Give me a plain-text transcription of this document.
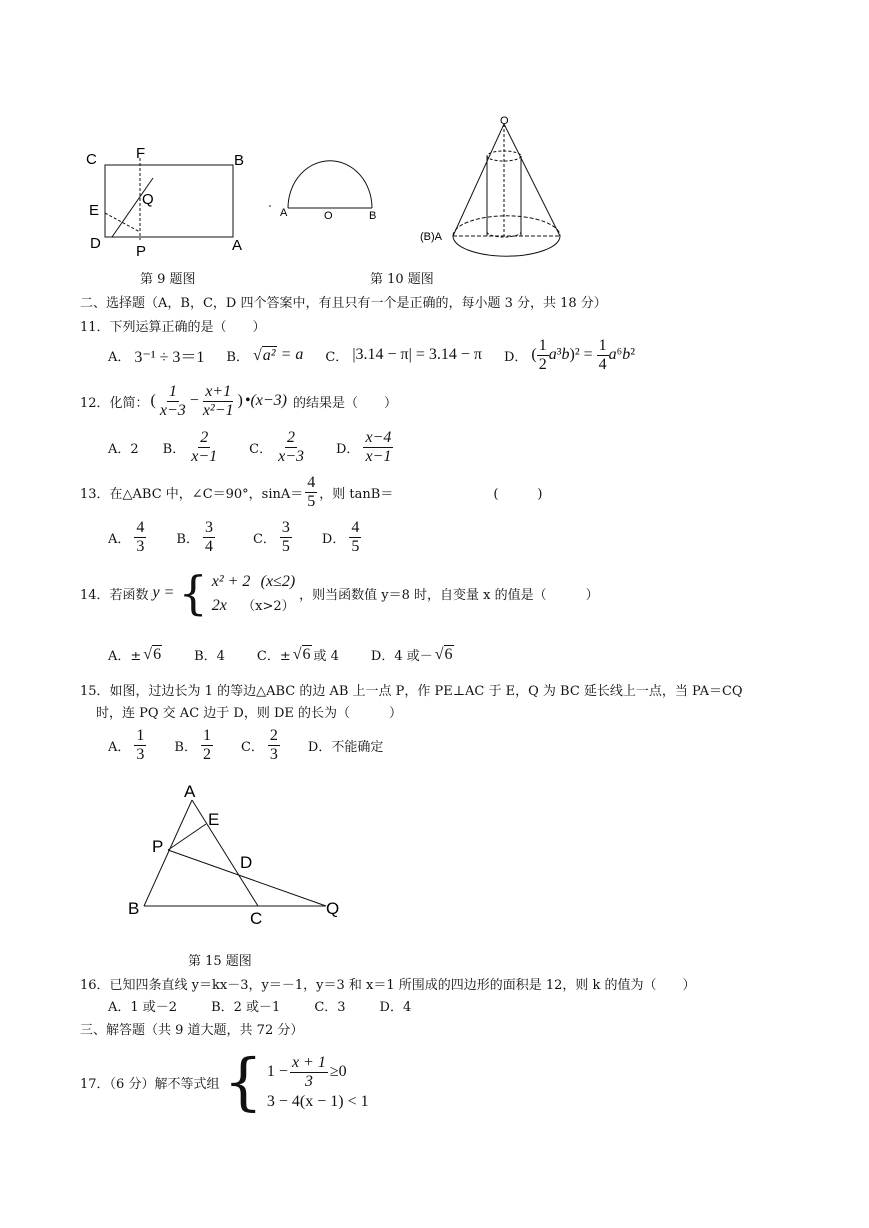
C	F	B
Q
E
D P	A
第 9 题图
A	O	B
O
(B)A
第 10 题图
二、选择题（A，B，C，D 四个答案中，有且只有一个是正确的，每小题 3 分，共 18 分）
11．下列运算正确的是（　　）
A． 3⁻¹ ÷ 3＝1 B． √a² = a C． |3.14 − π| = 3.14 − π D． ( $\frac{1}{2} a^3b)^2 = \frac{1}{4} a^6b^2$
12．化简： ( $\frac{1}{x-3} - \frac{x+1}{\text{x²−1}}$ ) •(x−3) 的结果是（　　）
A．2 B． $\frac{2}{x-1}$ C． $\frac{2}{x-3}$ D． $\frac{x-4}{x-1}$
13．在△ABC 中，∠C＝90°，$\sin A= \frac{4}{5}$ ，则 tanB＝	(　　　)
A． $\frac{4}{3}$ B． $\frac{3}{4}$	C． $\frac{3}{5}$ D． $\frac{4}{5}$
14．若函数 y = { x² + 2 (x≤2)
2x （x>2）
，则当函数值 y＝8 时，自变量 x 的值是（　　　）
A．± √6	B．4 C．± √6 或 4 D．4 或－ √6
15．如图，过边长为 1 的等边△ABC 的边 AB 上一点 P，作 PE⊥AC 于 E，Q 为 BC 延长线上一点，当 PA＝CQ
时，连 PQ 交 AC 边于 D，则 DE 的长为（　　　）
A． $\frac{1}{3}$ B． $\frac{1}{2}$ C． $\frac{2}{3}$ D．不能确定
A
E
P
D
B
C
Q
第 15 题图
16．已知四条直线 y＝kx－3，y＝－1，y＝3 和 x＝1 所围成的四边形的面积是 12，则 k 的值为（　　）
A．1 或－2	B．2 或－1	C．3	D．4
三、解答题（共 9 道大题，共 72 分）
17．（6 分）解不等式组 { $1 - \frac{x + 1}{3} \ge 0$
3 − 4(x − 1) < 1
